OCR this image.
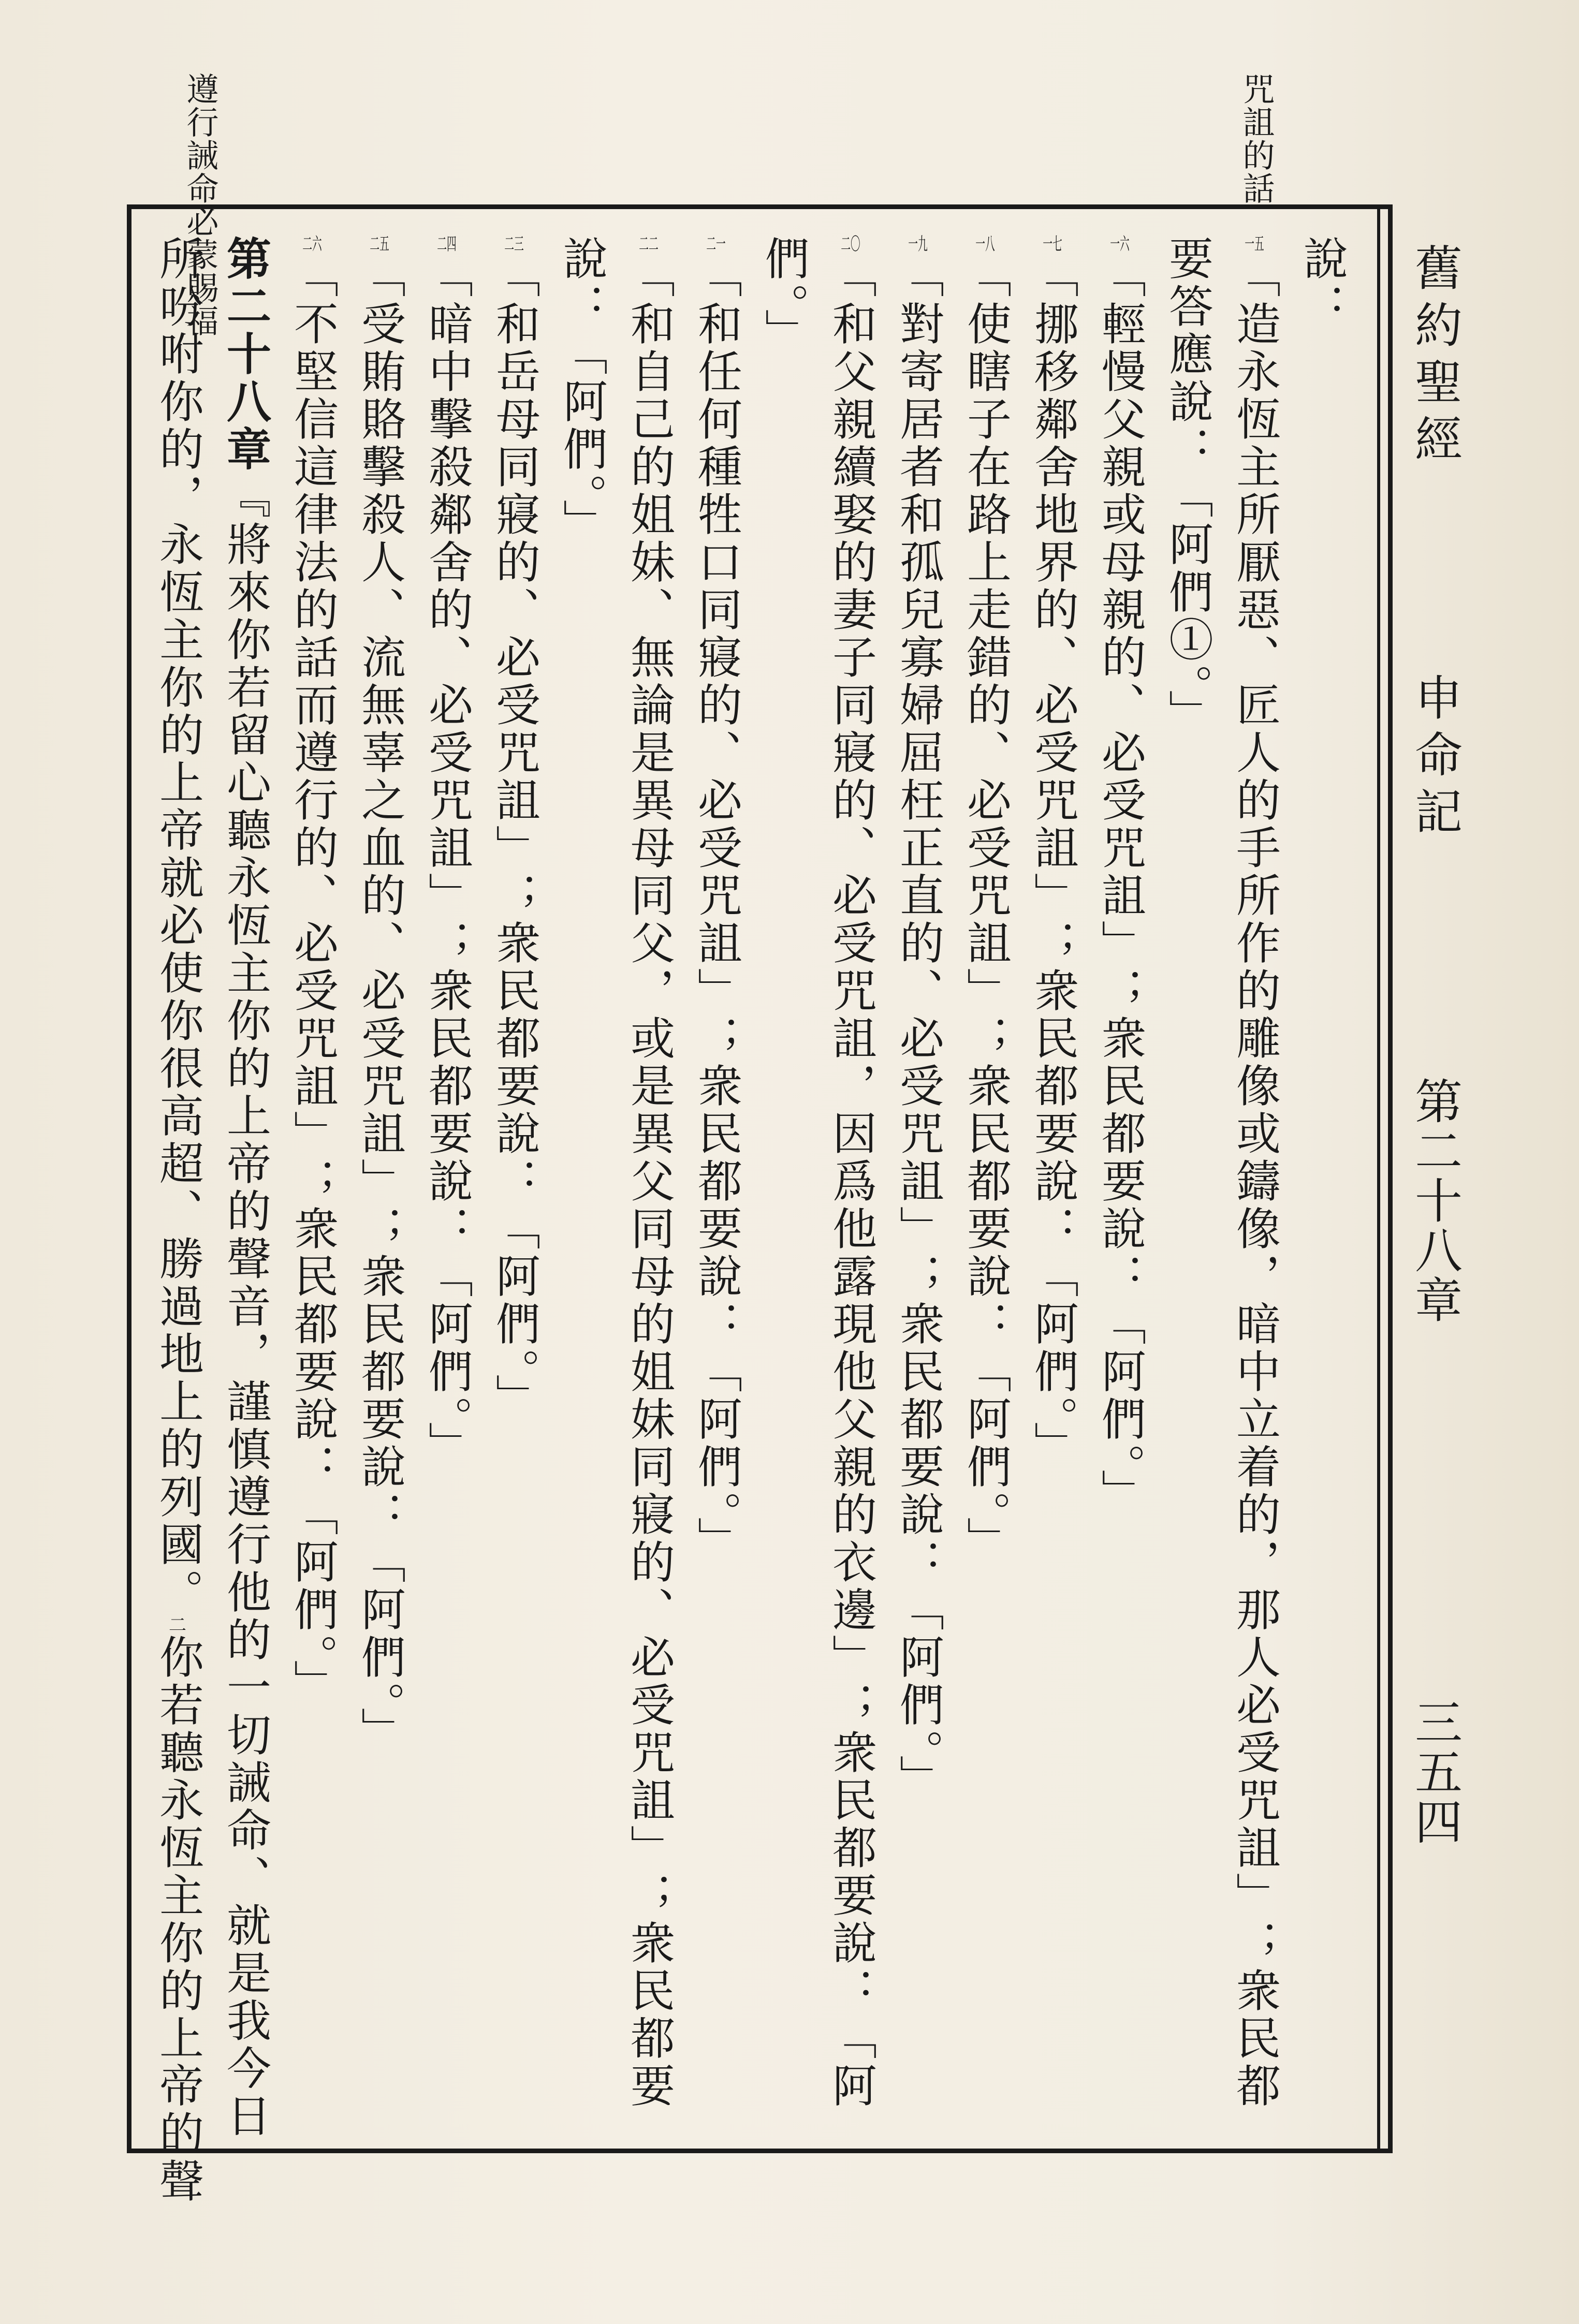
咒詛的話
遵行誡命必蒙賜福
舊約聖經
申命記
第二十八章
三五四
說：
一五「造永恆主所厭惡、匠人的手所作的雕像或鑄像，暗中立着的，那人必受咒詛」；衆民都
要答應說：「阿們①。」
一六「輕慢父親或母親的、必受咒詛」；衆民都要說：「阿們。」
一七「挪移鄰舍地界的、必受咒詛」；衆民都要說：「阿們。」
一八「使瞎子在路上走錯的、必受咒詛」；衆民都要說：「阿們。」
一九「對寄居者和孤兒寡婦屈枉正直的、必受咒詛」；衆民都要說：「阿們。」
二〇「和父親續娶的妻子同寢的、必受咒詛，因爲他露現他父親的衣邊」；衆民都要說：「阿
們。」
二一「和任何種牲口同寢的、必受咒詛」；衆民都要說：「阿們。」
二二「和自己的姐妹、無論是異母同父，或是異父同母的姐妹同寢的、必受咒詛」；衆民都要
說：「阿們。」
二三「和岳母同寢的、必受咒詛」；衆民都要說：「阿們。」
二四「暗中擊殺鄰舍的、必受咒詛」；衆民都要說：「阿們。」
二五「受賄賂擊殺人、流無辜之血的、必受咒詛」；衆民都要說：「阿們。」
二六「不堅信這律法的話而遵行的、必受咒詛」；衆民都要說：「阿們。」
第二十八章『將來你若留心聽永恆主你的上帝的聲音，謹慎遵行他的一切誡命、就是我今日
所吩咐你的，永恆主你的上帝就必使你很高超、勝過地上的列國。二你若聽永恆主你的上帝的聲
